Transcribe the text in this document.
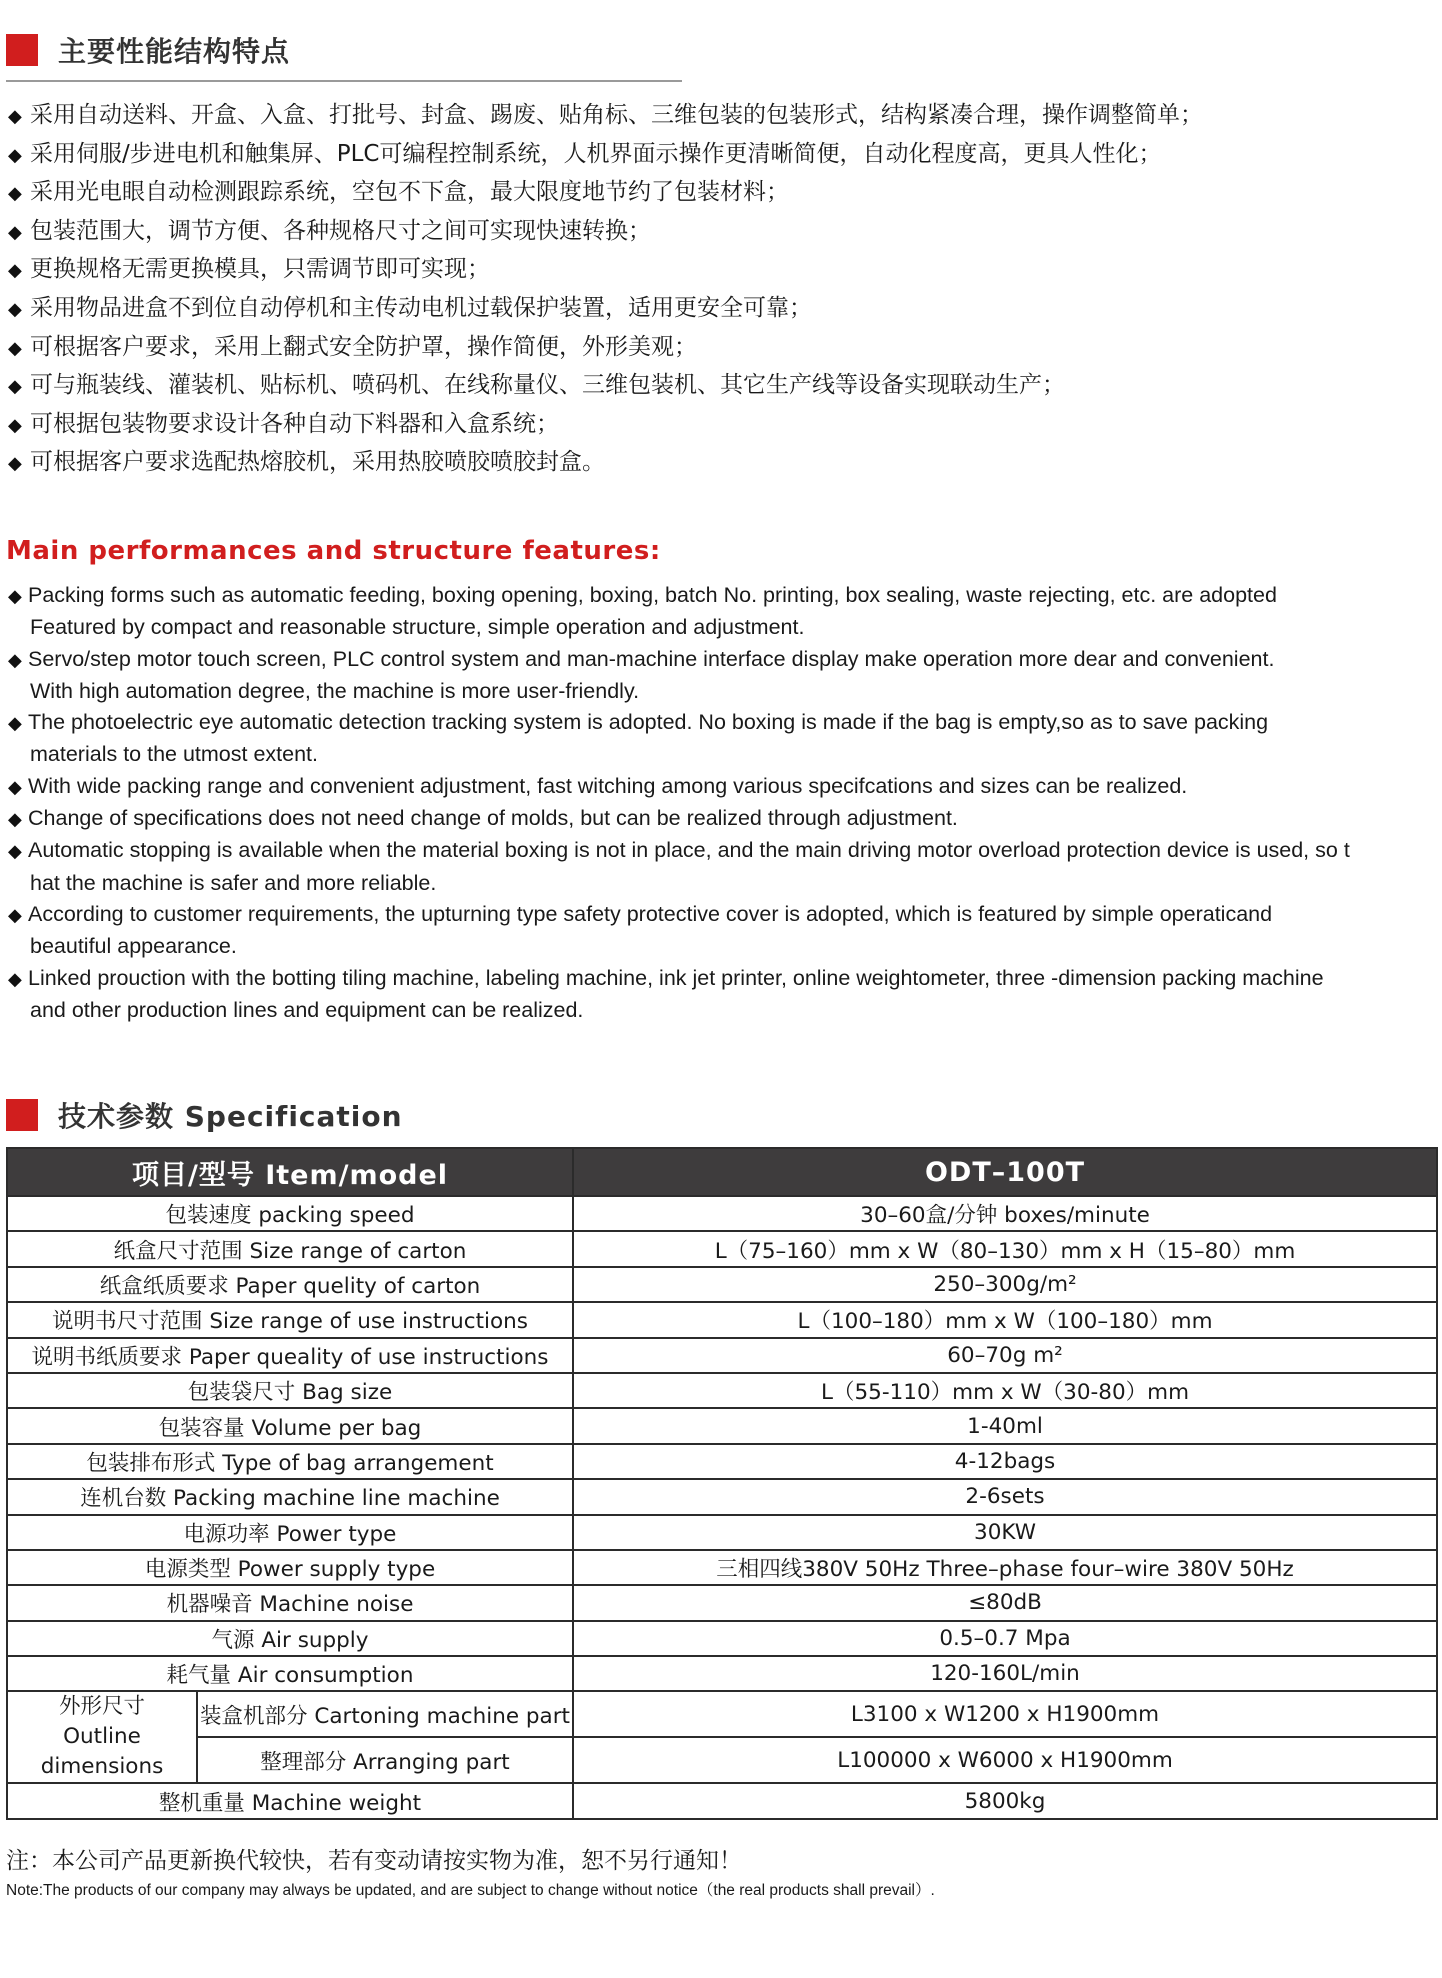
主要性能结构特点
◆ 采用自动送料、开盒、入盒、打批号、封盒、踢废、贴角标、三维包装的包装形式，结构紧凑合理，操作调整简单；
◆ 采用伺服/步进电机和触集屏、PLC可编程控制系统，人机界面示操作更清晰简便，自动化程度高，更具人性化；
◆ 采用光电眼自动检测跟踪系统，空包不下盒，最大限度地节约了包装材料；
◆ 包装范围大，调节方便、各种规格尺寸之间可实现快速转换；
◆ 更换规格无需更换模具，只需调节即可实现；
◆ 采用物品进盒不到位自动停机和主传动电机过载保护装置，适用更安全可靠；
◆ 可根据客户要求，采用上翻式安全防护罩，操作简便，外形美观；
◆ 可与瓶装线、灌装机、贴标机、喷码机、在线称量仪、三维包装机、其它生产线等设备实现联动生产；
◆ 可根据包装物要求设计各种自动下料器和入盒系统；
◆ 可根据客户要求选配热熔胶机，采用热胶喷胶喷胶封盒。
Main performances and structure features:
◆ Packing forms such as automatic feeding, boxing opening, boxing, batch No. printing, box sealing, waste rejecting, etc. are adopted
Featured by compact and reasonable structure, simple operation and adjustment.
◆ Servo/step motor touch screen, PLC control system and man-machine interface display make operation more dear and convenient.
With high automation degree, the machine is more user-friendly.
◆ The photoelectric eye automatic detection tracking system is adopted. No boxing is made if the bag is empty,so as to save packing
materials to the utmost extent.
◆ With wide packing range and convenient adjustment, fast witching among various specifcations and sizes can be realized.
◆ Change of specifications does not need change of molds, but can be realized through adjustment.
◆ Automatic stopping is available when the material boxing is not in place, and the main driving motor overload protection device is used, so t
hat the machine is safer and more reliable.
◆ According to customer requirements, the upturning type safety protective cover is adopted, which is featured by simple operaticand
beautiful appearance.
◆ Linked prouction with the botting tiling machine, labeling machine, ink jet printer, online weightometer, three -dimension packing machine
and other production lines and equipment can be realized.
技术参数 Specification
项目/型号 Item/model		ODT–100T
包装速度 packing speed		30–60盒/分钟 boxes/minute
纸盒尺寸范围 Size range of carton		L（75–160）mm x W（80–130）mm x H（15–80）mm
纸盒纸质要求 Paper quelity of carton		250–300g/m²
说明书尺寸范围 Size range of use instructions		L（100–180）mm x W（100–180）mm
说明书纸质要求 Paper queality of use instructions		60–70g m²
包装袋尺寸 Bag size		L（55-110）mm x W（30-80）mm
包装容量 Volume per bag		1-40ml
包装排布形式 Type of bag arrangement		4-12bags
连机台数 Packing machine line machine		2-6sets
电源功率 Power type		30KW
电源类型 Power supply type		三相四线380V 50Hz Three–phase four–wire 380V 50Hz
机器噪音 Machine noise		≤80dB
气源 Air supply		0.5–0.7 Mpa
耗气量 Air consumption		120-160L/min
外形尺寸
Outline dimensions	装盒机部分 Cartoning machine part	L3100 x W1200 x H1900mm
	整理部分 Arranging part	L100000 x W6000 x H1900mm
整机重量 Machine weight		5800kg
注：本公司产品更新换代较快，若有变动请按实物为准，恕不另行通知！
Note:The products of our company may always be updated, and are subject to change without notice（the real products shall prevail）.
